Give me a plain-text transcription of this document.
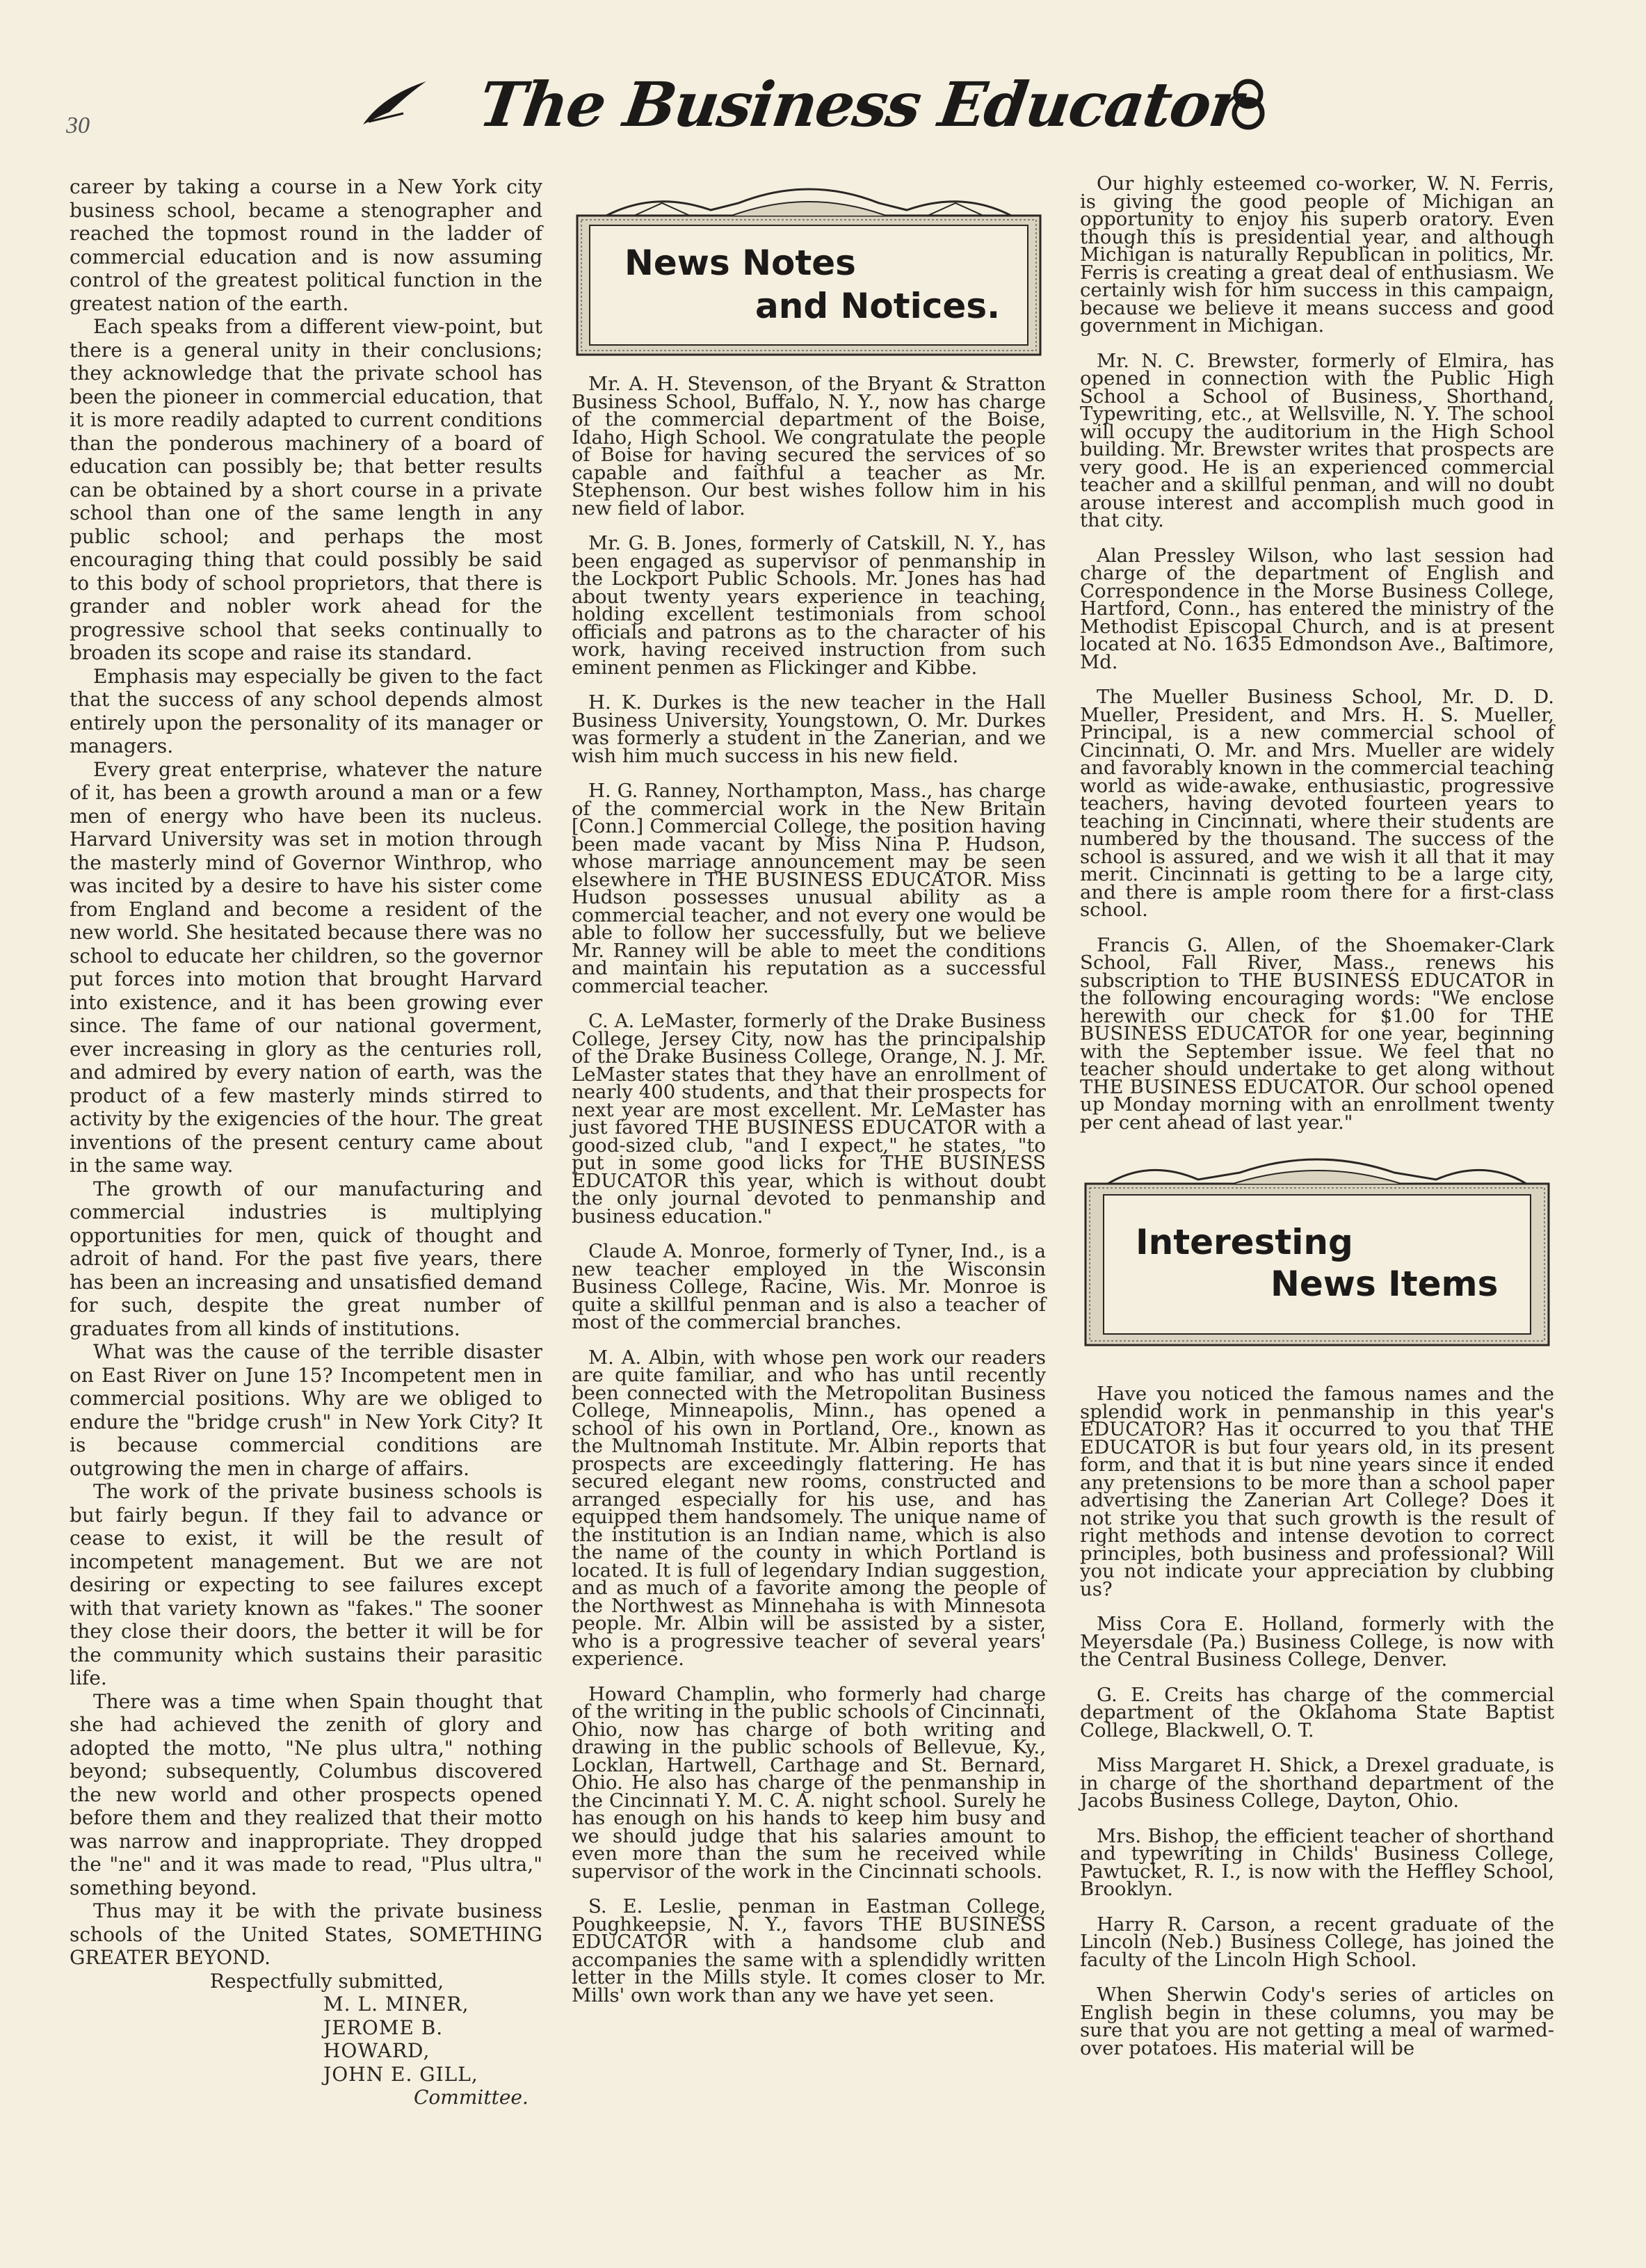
30	The Business Educator

career by taking a course in a New York city business school, became a stenographer and reached the topmost round in the ladder of commercial education and is now assuming control of the greatest political function in the greatest nation of the earth.

Each speaks from a different view-point, but there is a general unity in their conclusions; they acknowledge that the private school has been the pioneer in commercial education, that it is more readily adapted to current conditions than the ponderous machinery of a board of education can possibly be; that better results can be obtained by a short course in a private school than one of the same length in any public school; and perhaps the most encouraging thing that could possibly be said to this body of school proprietors, that there is grander and nobler work ahead for the progressive school that seeks continually to broaden its scope and raise its standard.

Emphasis may especially be given to the fact that the success of any school depends almost entirely upon the personality of its manager or managers.

Every great enterprise, whatever the nature of it, has been a growth around a man or a few men of energy who have been its nucleus. Harvard University was set in motion through the masterly mind of Governor Winthrop, who was incited by a desire to have his sister come from England and become a resident of the new world. She hesitated because there was no school to educate her children, so the governor put forces into motion that brought Harvard into existence, and it has been growing ever since. The fame of our national goverment, ever increasing in glory as the centuries roll, and admired by every nation of earth, was the product of a few masterly minds stirred to activity by the exigencies of the hour. The great inventions of the present century came about in the same way.

The growth of our manufacturing and commercial industries is multiplying opportunities for men, quick of thought and adroit of hand. For the past five years, there has been an increasing and unsatisfied demand for such, despite the great number of graduates from all kinds of institutions.

What was the cause of the terrible disaster on East River on June 15? Incompetent men in commercial positions. Why are we obliged to endure the "bridge crush" in New York City? It is because commercial conditions are outgrowing the men in charge of affairs.

The work of the private business schools is but fairly begun. If they fail to advance or cease to exist, it will be the result of incompetent management. But we are not desiring or expecting to see failures except with that variety known as "fakes." The sooner they close their doors, the better it will be for the community which sustains their parasitic life.

There was a time when Spain thought that she had achieved the zenith of glory and adopted the motto, "Ne plus ultra," nothing beyond; subsequently, Columbus discovered the new world and other prospects opened before them and they realized that their motto was narrow and inappropriate. They dropped the "ne" and it was made to read, "Plus ultra," something beyond.

Thus may it be with the private business schools of the United States, SOMETHING GREATER BEYOND.

Respectfully submitted,
M. L. MINER,
JEROME B. HOWARD,
JOHN E. GILL,
Committee.
News Notes
and Notices.

Mr. A. H. Stevenson, of the Bryant & Stratton Business School, Buffalo, N. Y., now has charge of the commercial department of the Boise, Idaho, High School. We congratulate the people of Boise for having secured the services of so capable and faithful a teacher as Mr. Stephenson. Our best wishes follow him in his new field of labor.

Mr. G. B. Jones, formerly of Catskill, N. Y., has been engaged as supervisor of penmanship in the Lockport Public Schools. Mr. Jones has had about twenty years experience in teaching, holding excellent testimonials from school officials and patrons as to the character of his work, having received instruction from such eminent penmen as Flickinger and Kibbe.

H. K. Durkes is the new teacher in the Hall Business University, Youngstown, O. Mr. Durkes was formerly a student in the Zanerian, and we wish him much success in his new field.

H. G. Ranney, Northampton, Mass., has charge of the commercial work in the New Britain [Conn.] Commercial College, the position having been made vacant by Miss Nina P. Hudson, whose marriage announcement may be seen elsewhere in THE BUSINESS EDUCATOR. Miss Hudson possesses unusual ability as a commercial teacher, and not every one would be able to follow her successfully, but we believe Mr. Ranney will be able to meet the conditions and maintain his reputation as a successful commercial teacher.

C. A. LeMaster, formerly of the Drake Business College, Jersey City, now has the principalship of the Drake Business College, Orange, N. J. Mr. LeMaster states that they have an enrollment of nearly 400 students, and that their prospects for next year are most excellent. Mr. LeMaster has just favored THE BUSINESS EDUCATOR with a good-sized club, "and I expect," he states, "to put in some good licks for THE BUSINESS EDUCATOR this year, which is without doubt the only journal devoted to penmanship and business education."

Claude A. Monroe, formerly of Tyner, Ind., is a new teacher employed in the Wisconsin Business College, Racine, Wis. Mr. Monroe is quite a skillful penman and is also a teacher of most of the commercial branches.

M. A. Albin, with whose pen work our readers are quite familiar, and who has until recently been connected with the Metropolitan Business College, Minneapolis, Minn., has opened a school of his own in Portland, Ore., known as the Multnomah Institute. Mr. Albin reports that prospects are exceedingly flattering. He has secured elegant new rooms, constructed and arranged especially for his use, and has equipped them handsomely. The unique name of the institution is an Indian name, which is also the name of the county in which Portland is located. It is full of legendary Indian suggestion, and as much of a favorite among the people of the Northwest as Minnehaha is with Minnesota people. Mr. Albin will be assisted by a sister, who is a progressive teacher of several years' experience.

Howard Champlin, who formerly had charge of the writing in the public schools of Cincinnati, Ohio, now has charge of both writing and drawing in the public schools of Bellevue, Ky., Locklan, Hartwell, Carthage and St. Bernard, Ohio. He also has charge of the penmanship in the Cincinnati Y. M. C. A. night school. Surely he has enough on his hands to keep him busy and we should judge that his salaries amount to even more than the sum he received while supervisor of the work in the Cincinnati schools.

S. E. Leslie, penman in Eastman College, Poughkeepsie, N. Y., favors THE BUSINESS EDUCATOR with a handsome club and accompanies the same with a splendidly written letter in the Mills style. It comes closer to Mr. Mills' own work than any we have yet seen.

Our highly esteemed co-worker, W. N. Ferris, is giving the good people of Michigan an opportunity to enjoy his superb oratory. Even though this is presidential year, and although Michigan is naturally Republican in politics, Mr. Ferris is creating a great deal of enthusiasm. We certainly wish for him success in this campaign, because we believe it means success and good government in Michigan.

Mr. N. C. Brewster, formerly of Elmira, has opened in connection with the Public High School a School of Business, Shorthand, Typewriting, etc., at Wellsville, N. Y. The school will occupy the auditorium in the High School building. Mr. Brewster writes that prospects are very good. He is an experienced commercial teacher and a skillful penman, and will no doubt arouse interest and accomplish much good in that city.

Alan Pressley Wilson, who last session had charge of the department of English and Correspondence in the Morse Business College, Hartford, Conn., has entered the ministry of the Methodist Episcopal Church, and is at present located at No. 1635 Edmondson Ave., Baltimore, Md.

The Mueller Business School, Mr. D. D. Mueller, President, and Mrs. H. S. Mueller, Principal, is a new commercial school of Cincinnati, O. Mr. and Mrs. Mueller are widely and favorably known in the commercial teaching world as wide-awake, enthusiastic, progressive teachers, having devoted fourteen years to teaching in Cincinnati, where their students are numbered by the thousand. The success of the school is assured, and we wish it all that it may merit. Cincinnati is getting to be a large city, and there is ample room there for a first-class school.

Francis G. Allen, of the Shoemaker-Clark School, Fall River, Mass., renews his subscription to THE BUSINESS EDUCATOR in the following encouraging words: "We enclose herewith our check for $1.00 for THE BUSINESS EDUCATOR for one year, beginning with the September issue. We feel that no teacher should undertake to get along without THE BUSINESS EDUCATOR. Our school opened up Monday morning with an enrollment twenty per cent ahead of last year."

Interesting
News Items

Have you noticed the famous names and the splendid work in penmanship in this year's EDUCATOR? Has it occurred to you that THE EDUCATOR is but four years old, in its present form, and that it is but nine years since it ended any pretensions to be more than a school paper advertising the Zanerian Art College? Does it not strike you that such growth is the result of right methods and intense devotion to correct principles, both business and professional? Will you not indicate your appreciation by clubbing us?

Miss Cora E. Holland, formerly with the Meyersdale (Pa.) Business College, is now with the Central Business College, Denver.

G. E. Creits has charge of the commercial department of the Oklahoma State Baptist College, Blackwell, O. T.

Miss Margaret H. Shick, a Drexel graduate, is in charge of the shorthand department of the Jacobs Business College, Dayton, Ohio.

Mrs. Bishop, the efficient teacher of shorthand and typewriting in Childs' Business College, Pawtucket, R. I., is now with the Heffley School, Brooklyn.

Harry R. Carson, a recent graduate of the Lincoln (Neb.) Business College, has joined the faculty of the Lincoln High School.

When Sherwin Cody's series of articles on English begin in these columns, you may be sure that you are not getting a meal of warmed-over potatoes. His material will be
